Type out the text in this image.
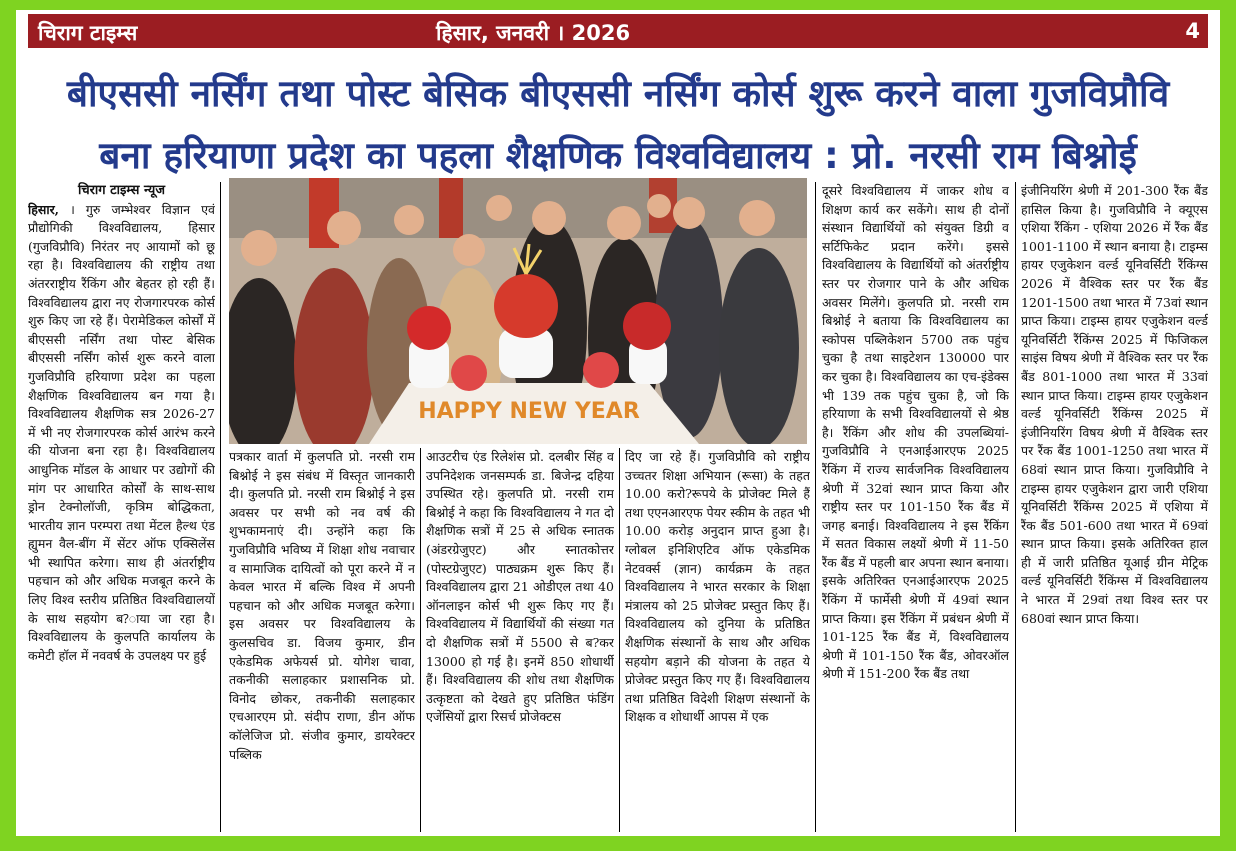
चिराग टाइम्स	हिसार, जनवरी । 2026	4
बीएससी नर्सिंग तथा पोस्ट बेसिक बीएससी नर्सिंग कोर्स शुरू करने वाला गुजविप्रौवि
बना हरियाणा प्रदेश का पहला शैक्षणिक विश्वविद्यालय : प्रो. नरसी राम बिश्नोई

चिराग टाइम्स न्यूज

हिसार, । गुरु जम्भेश्वर विज्ञान एवं प्रौद्योगिकी विश्वविद्यालय, हिसार (गुजविप्रौवि) निरंतर नए आयामों को छू रहा है। विश्वविद्यालय की राष्ट्रीय तथा अंतरराष्ट्रीय रैंकिंग और बेहतर हो रही हैं। विश्वविद्यालय द्वारा नए रोजगारपरक कोर्स शुरु किए जा रहे हैं। पेरामेडिकल कोर्सों में बीएससी नर्सिंग तथा पोस्ट बेसिक बीएससी नर्सिंग कोर्स शुरू करने वाला गुजविप्रौवि हरियाणा प्रदेश का पहला शैक्षणिक विश्वविद्यालय बन गया है। विश्वविद्यालय शैक्षणिक सत्र 2026-27 में भी नए रोजगारपरक कोर्स आरंभ करने की योजना बना रहा है। विश्वविद्यालय आधुनिक मॉडल के आधार पर उद्योगों की मांग पर आधारित कोर्सों के साथ-साथ ड्रोन टेक्नोलॉजी, कृत्रिम बोद्धिकता, भारतीय ज्ञान परम्परा तथा मेंटल हैल्थ एंड ह्युमन वैल-बींग में सेंटर ऑफ एक्सिलेंस भी स्थापित करेगा। साथ ही अंतर्राष्ट्रीय पहचान को और अधिक मजबूत करने के लिए विश्व स्तरीय प्रतिष्ठित विश्वविद्यालयों के साथ सहयोग ब?ाया जा रहा है। विश्वविद्यालय के कुलपति कार्यालय के कमेटी हॉल में नववर्ष के उपलक्ष्य पर हुई

HAPPY NEW YEAR

पत्रकार वार्ता में कुलपति प्रो. नरसी राम बिश्नोई ने इस संबंध में विस्तृत जानकारी दी। कुलपति प्रो. नरसी राम बिश्नोई ने इस अवसर पर सभी को नव वर्ष की शुभकामनाएं दी। उन्होंने कहा कि गुजविप्रौवि भविष्य में शिक्षा शोध नवाचार व सामाजिक दायित्वों को पूरा करने में न केवल भारत में बल्कि विश्व में अपनी पहचान को और अधिक मजबूत करेगा। इस अवसर पर विश्वविद्यालय के कुलसचिव डा. विजय कुमार, डीन एकेडमिक अफेयर्स प्रो. योगेश चावा, तकनीकी सलाहकार प्रशासनिक प्रो. विनोद छोकर, तकनीकी सलाहकार एचआरएम प्रो. संदीप राणा, डीन ऑफ कॉलेजिज प्रो. संजीव कुमार, डायरेक्टर पब्लिक

आउटरीच एंड रिलेशंस प्रो. दलबीर सिंह व उपनिदेशक जनसम्पर्क डा. बिजेन्द्र दहिया उपस्थित रहे। कुलपति प्रो. नरसी राम बिश्नोई ने कहा कि विश्वविद्यालय ने गत दो शैक्षणिक सत्रों में 25 से अधिक स्नातक (अंडरग्रेजुएट) और स्नातकोत्तर (पोस्टग्रेजुएट) पाठ्यक्रम शुरू किए हैं। विश्वविद्यालय द्वारा 21 ओडीएल तथा 40 ऑनलाइन कोर्स भी शुरू किए गए हैं। विश्वविद्यालय में विद्यार्थियों की संख्या गत दो शैक्षणिक सत्रों में 5500 से ब?कर 13000 हो गई है। इनमें 850 शोधार्थी हैं। विश्वविद्यालय की शोध तथा शैक्षणिक उत्कृष्टता को देखते हुए प्रतिष्ठित फंडिंग एजेंसियों द्वारा रिसर्च प्रोजेक्टस

दिए जा रहे हैं। गुजविप्रौवि को राष्ट्रीय उच्चतर शिक्षा अभियान (रूसा) के तहत 10.00 करो?रूपये के प्रोजेक्ट मिले हैं तथा एएनआरएफ पेयर स्कीम के तहत भी 10.00 करोड़ अनुदान प्राप्त हुआ है। ग्लोबल इनिशिएटिव ऑफ एकेडमिक नेटवर्क्स (ज्ञान) कार्यक्रम के तहत विश्वविद्यालय ने भारत सरकार के शिक्षा मंत्रालय को 25 प्रोजेक्ट प्रस्तुत किए हैं। विश्वविद्यालय को दुनिया के प्रतिष्ठित शैक्षणिक संस्थानों के साथ और अधिक सहयोग बड़ाने की योजना के तहत ये प्रोजेक्ट प्रस्तुत किए गए हैं। विश्वविद्यालय तथा प्रतिष्ठित विदेशी शिक्षण संस्थानों के शिक्षक व शोधार्थी आपस में एक

दूसरे विश्वविद्यालय में जाकर शोध व शिक्षण कार्य कर सकेंगे। साथ ही दोनों संस्थान विद्यार्थियों को संयुक्त डिग्री व सर्टिफिकेट प्रदान करेंगे। इससे विश्वविद्यालय के विद्यार्थियों को अंतर्राष्ट्रीय स्तर पर रोजगार पाने के और अधिक अवसर मिलेंगे। कुलपति प्रो. नरसी राम बिश्नोई ने बताया कि विश्वविद्यालय का स्कोपस पब्लिकेशन 5700 तक पहुंच चुका है तथा साइटेशन 130000 पार कर चुका है। विश्वविद्यालय का एच-इंडेक्स भी 139 तक पहुंच चुका है, जो कि हरियाणा के सभी विश्वविद्यालयों से श्रेष्ठ है। रैंकिंग और शोध की उपलब्धियां- गुजविप्रौवि ने एनआईआरएफ 2025 रैंकिंग में राज्य सार्वजनिक विश्वविद्यालय श्रेणी में 32वां स्थान प्राप्त किया और राष्ट्रीय स्तर पर 101-150 रैंक बैंड में जगह बनाई। विश्वविद्यालय ने इस रैंकिंग में सतत विकास लक्ष्यों श्रेणी में 11-50 रैंक बैंड में पहली बार अपना स्थान बनाया। इसके अतिरिक्त एनआईआरएफ 2025 रैंकिंग में फार्मेसी श्रेणी में 49वां स्थान प्राप्त किया। इस रैंकिंग में प्रबंधन श्रेणी में 101-125 रैंक बैंड में, विश्वविद्यालय श्रेणी में 101-150 रैंक बैंड, ओवरऑल श्रेणी में 151-200 रैंक बैंड तथा

इंजीनियरिंग श्रेणी में 201-300 रैंक बैंड हासिल किया है। गुजविप्रौवि ने क्यूएस एशिया रैंकिंग - एशिया 2026 में रैंक बैंड 1001-1100 में स्थान बनाया है। टाइम्स हायर एजुकेशन वर्ल्ड यूनिवर्सिटी रैंकिंग्स 2026 में वैश्विक स्तर पर रैंक बैंड 1201-1500 तथा भारत में 73वां स्थान प्राप्त किया। टाइम्स हायर एजुकेशन वर्ल्ड यूनिवर्सिटी रैंकिंग्स 2025 में फिजिकल साइंस विषय श्रेणी में वैश्विक स्तर पर रैंक बैंड 801-1000 तथा भारत में 33वां स्थान प्राप्त किया। टाइम्स हायर एजुकेशन वर्ल्ड यूनिवर्सिटी रैंकिंग्स 2025 में इंजीनियरिंग विषय श्रेणी में वैश्विक स्तर पर रैंक बैंड 1001-1250 तथा भारत में 68वां स्थान प्राप्त किया। गुजविप्रौवि ने टाइम्स हायर एजुकेशन द्वारा जारी एशिया यूनिवर्सिटी रैंकिंग्स 2025 में एशिया में रैंक बैंड 501-600 तथा भारत में 69वां स्थान प्राप्त किया। इसके अतिरिक्त हाल ही में जारी प्रतिष्ठित यूआई ग्रीन मेट्रिक वर्ल्ड यूनिवर्सिटी रैंकिंग्स में विश्वविद्यालय ने भारत में 29वां तथा विश्व स्तर पर 680वां स्थान प्राप्त किया।
